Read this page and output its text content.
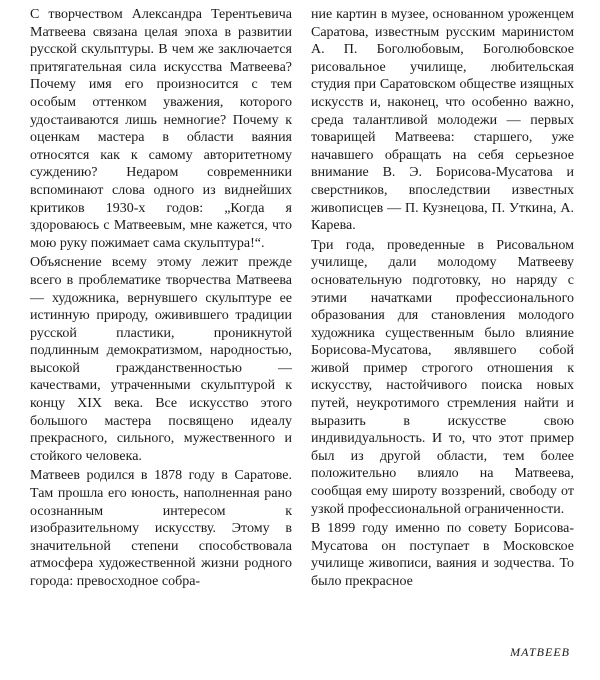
С творчеством Александра Терентьевича Матвеева связана целая эпоха в развитии русской скульптуры. В чем же заключается притягательная сила искусства Матвеева? Почему имя его произносится с тем особым оттенком уважения, которого удостаиваются лишь немногие? Почему к оценкам мастера в области ваяния относятся как к самому авторитетному суждению? Недаром современники вспоминают слова одного из виднейших критиков 1930-х годов: „Когда я здороваюсь с Матвеевым, мне кажется, что мою руку пожимает сама скульптура!“.

Объяснение всему этому лежит прежде всего в проблематике творчества Матвеева — художника, вернувшего скульптуре ее истинную природу, оживившего традиции русской пластики, проникнутой подлинным демократизмом, народностью, высокой гражданственностью — качествами, утраченными скульптурой к концу XIX века. Все искусство этого большого мастера посвящено идеалу прекрасного, сильного, мужественного и стойкого человека.

Матвеев родился в 1878 году в Саратове. Там прошла его юность, наполненная рано осознанным интересом к изобразительному искусству. Этому в значительной степени способствовала атмосфера художественной жизни родного города: превосходное собра-

ние картин в музее, основанном уроженцем Саратова, известным русским маринистом А. П. Боголюбовым, Боголюбовское рисовальное училище, любительская студия при Саратовском обществе изящных искусств и, наконец, что особенно важно, среда талантливой молодежи — первых товарищей Матвеева: старшего, уже начавшего обращать на себя серьезное внимание В. Э. Борисова-Мусатова и сверстников, впоследствии известных живописцев — П. Кузнецова, П. Уткина, А. Карева.

Три года, проведенные в Рисовальном училище, дали молодому Матвееву основательную подготовку, но наряду с этими начатками профессионального образования для становления молодого художника существенным было влияние Борисова-Мусатова, являвшего собой живой пример строгого отношения к искусству, настойчивого поиска новых путей, неукротимого стремления найти и выразить в искусстве свою индивидуальность. И то, что этот пример был из другой области, тем более положительно влияло на Матвеева, сообщая ему широту воззрений, свободу от узкой профессиональной ограниченности.

В 1899 году именно по совету Борисова-Мусатова он поступает в Московское училище живописи, ваяния и зодчества. То было прекрасное

МАТВЕЕВ
